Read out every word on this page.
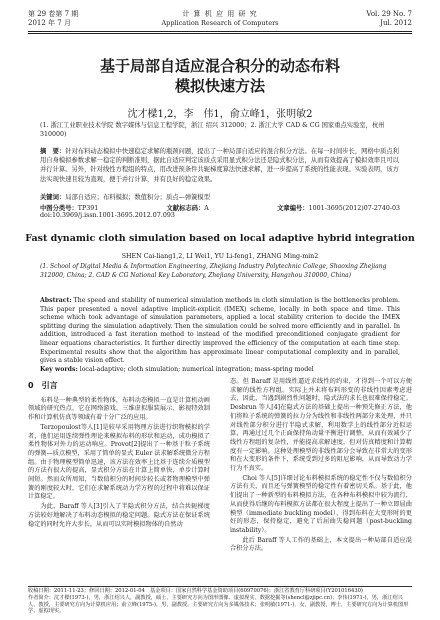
第 29 卷第 7 期
2012 年 7 月
计 算 机 应 用 研 究
Application Research of Computers
Vol. 29 No. 7
Jul. 2012
基于局部自适应混合积分的动态布料
模拟快速方法
沈才樑1,2，李　伟1，俞立峰1，张明敏2
(1. 浙江工业职业技术学院 数字媒体与信息工程学院，浙江 绍兴 312000；2. 浙江大学 CAD & CG 国家重点实验室，杭州 310000)
摘　要：针对布料动态模拟中快速稳定求解的瓶颈问题，提出了一种局部自适应的混合积分方法。在每一时间步长，网格中质点利用自身模拟参数求解一稳定的判断准则，据此自适应判定该质点采用显式积分法还是隐式积分法，从而有效提高了模拟效率且可以并行计算。另外，针对线性方程组的特点，用改进预条件共轭梯度算法快速求解，进一步提高了系统的性能表现。实验表明，该方法实现快速且较为直观，便于并行计算，并有良好的稳定效果。
关键词：局部自适应；布料模拟；数值积分；质点—弹簧模型
中图分类号：TP391	文献标志码：A	文章编号：1001-3695(2012)07-2740-03
doi:10.3969/j.issn.1001-3695.2012.07.093
Fast dynamic cloth simulation based on local adaptive hybrid integration
SHEN Cai-liang1,2, LI Wei1, YU Li-feng1, ZHANG Ming-min2
(1. School of Digital Media & Information Engineering, Zhejiang Industry Polytechnic College, Shaoxing Zhejiang 312000, China; 2. CAD & CG National Key Laboratory, Zhejiang University, Hangzhou 310000, China)
Abstract: The speed and stability of numerical simulation methods in cloth simulation is the bottlenecks problem. This paper presented a novel adaptive implicit-explicit (IMEX) scheme, locally in both space and time. This scheme which took advantage of simulation parameters, applied a local stability criterion to decide the IMEX splitting during the simulation adaptively. Then the simulation could be solved more efficiently and in parallel. In addition, introduced a fast iteration method to instead of the modified preconditioned conjugate gradient for linear equations characteristics. It further directly improved the efficiency of the computation at each time step. Experimental results show that the algorithm has approximate linear computational complexity and in parallel, gives a stable vision effect.
Key words: local-adaptive; cloth simulation; numerical integration; mass-spring model
0　引言

布料是一种典型的柔性物体，布料动态模拟一直是计算机动画领域的研究热点，它在网络游戏、三维虚拟服装展示、影视特效制作和计算机仿真等领域有着十分广泛的应用。

Terzopoulost等人[1]是较早采用物理方法进行织物模拟的学者，他们运用连续弹性理论来模拟布料的形状和运动，成功模拟了柔性物体对外力的运动响应。Provot[2]提出了一种基于粒子系统的弹簧—质点模型，采用了简单的显式 Euler 法求解系统微分方程组。由于物理模型简单迅速，该方法在效率上比基于连续介质模型的方法有很大的提高，显式积分方法在计算上简单快，单步计算时间短。然而众所周知，当数值积分的时间步较长或者物理模型中弹簧的刚度较大时，它们在求解系统动力学方程的过程中将难以保证计算稳定。

为此，Baraff 等人[3]引入了半隐式积分方法，结合共轭梯度方法较好地解决了布料动态模拟的稳定问题。隐式方法在保证系统稳定的同时允许大步长，从而可以实时模拟物体的自然动

态。但 Baraff 是用线性逼近求线性的约束，才得到一个可以方便求解的线性方程组。实际上并未将布料形变的非线性因素考虑进去，因此，当遇到剧烈性问题时，隐式法的求长也很难保持稳定。Desbrun 等人[4]在隐式方法的基础上提出一种预先修正方法，他们将粒子系统的弹簧的拉力分为线性和非线性两部分来处理，并只对线性部分积分进行半隐式求解，利用数学上的线性部分近似运算，再通过过几个正面保持角动量平衡进行调整，从而有效减少了线性方程组的复杂性，并能提高求解速度，但对仿真精度和计算精度有一定影响。这种处理模型的非线性部分会导致在非常大的变形和在大变形的条件下，系统受到过多的阻尼影响，从而导致动力学行为不真实。

Choi 等人[5]详细讨论布料模拟系统的稳定性不仅与数值积分方法有关，而且还与弹簧模型的稳定性有着密切关系。基于此，他们提出了一种新型的布料模拟方法，在各种布料模拟中较为流行，从而使得后继的布料模拟方法都在很大程度上提出了一种立即屈曲模型（immediate buckling model），得到布料在大变形时的更好的形态，保持稳定，避免了后屈曲失稳问题（post-buckling instability）。

此后 Baraff 等人工作的基础上，本文提出一种局部自适应混合积分方法。

收稿日期：2011-11-23；修回日期：2012-01-04　基金项目：国家自然科学基金资助项目(60970076)；浙江省教育厅科研项目(Y201016430)
作者简介：沈才樑(1973-)，男，浙江绍兴人，副教授，硕士，主要研究方向为图形图像、虚拟现实、数据挖掘等(shencl@zjipc.cn)；李伟(1971-)，男，浙江绍兴人，教授，主要研究方向为计算机应用；俞立峰(1975-)，男，副教授，主要研究方向为多媒体技术；张明敏(1971-)，女，副教授，博士，主要研究方向为计算机图形学、虚拟现实。
